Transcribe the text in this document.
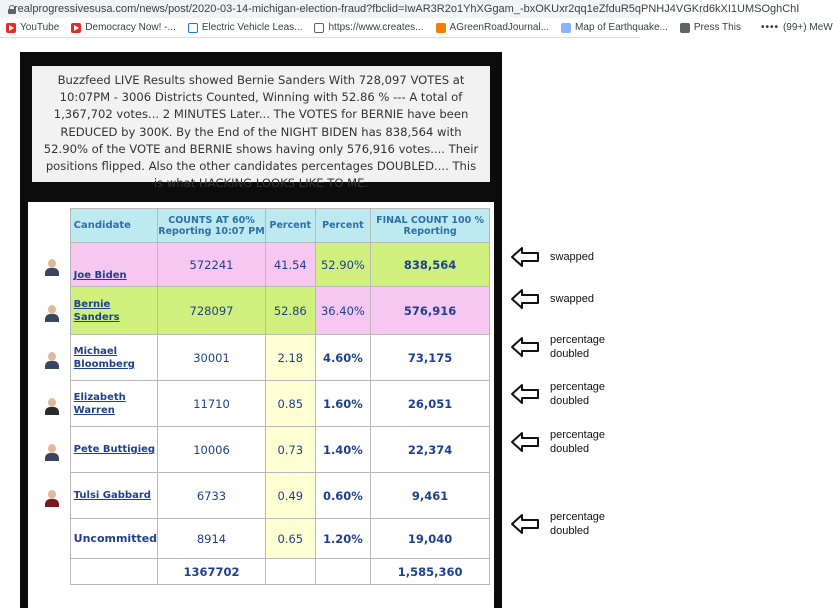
realprogressivesusa.com/news/post/2020-03-14-michigan-election-fraud?fbclid=IwAR3R2o1YhXGgam_-bxOKUxr2qq1eZfduR5qPNHJ4VGKrd6kXI1UMSOghChI
YouTube	Democracy Now! -...	Electric Vehicle Leas...	https://www.creates...	AGreenRoadJournal...	Map of Earthquake...	Press This •••• (99+) MeW
Buzzfeed LIVE Results showed Bernie Sanders With 728,097 VOTES at 10:07PM - 3006 Districts Counted, Winning with 52.86 % --- A total of 1,367,702 votes... 2 MINUTES Later... The VOTES for BERNIE have been REDUCED by 300K. By the End of the NIGHT BIDEN has 838,564 with 52.90% of the VOTE and BERNIE shows having only 576,916 votes.... Their positions flipped. Also the other candidates percentages DOUBLED.... This is what HACKING LOOKS LIKE TO ME.
	Candidate	COUNTS AT 60% Reporting 10:07 PM	Percent	Percent	FINAL COUNT 100 % Reporting

	Joe Biden	572241	41.54	52.90%	838,564

	Bernie Sanders	728097	52.86	36.40%	576,916

	Michael Bloomberg	30001	2.18	4.60%	73,175

	Elizabeth Warren	11710	0.85	1.60%	26,051

	Pete Buttigieg	10006	0.73	1.40%	22,374

	Tulsi Gabbard	6733	0.49	0.60%	9,461
	Uncommitted	8914	0.65	1.20%	19,040
		1367702			1,585,360
swapped
swapped
percentage doubled
percentage doubled
percentage doubled
percentage doubled
